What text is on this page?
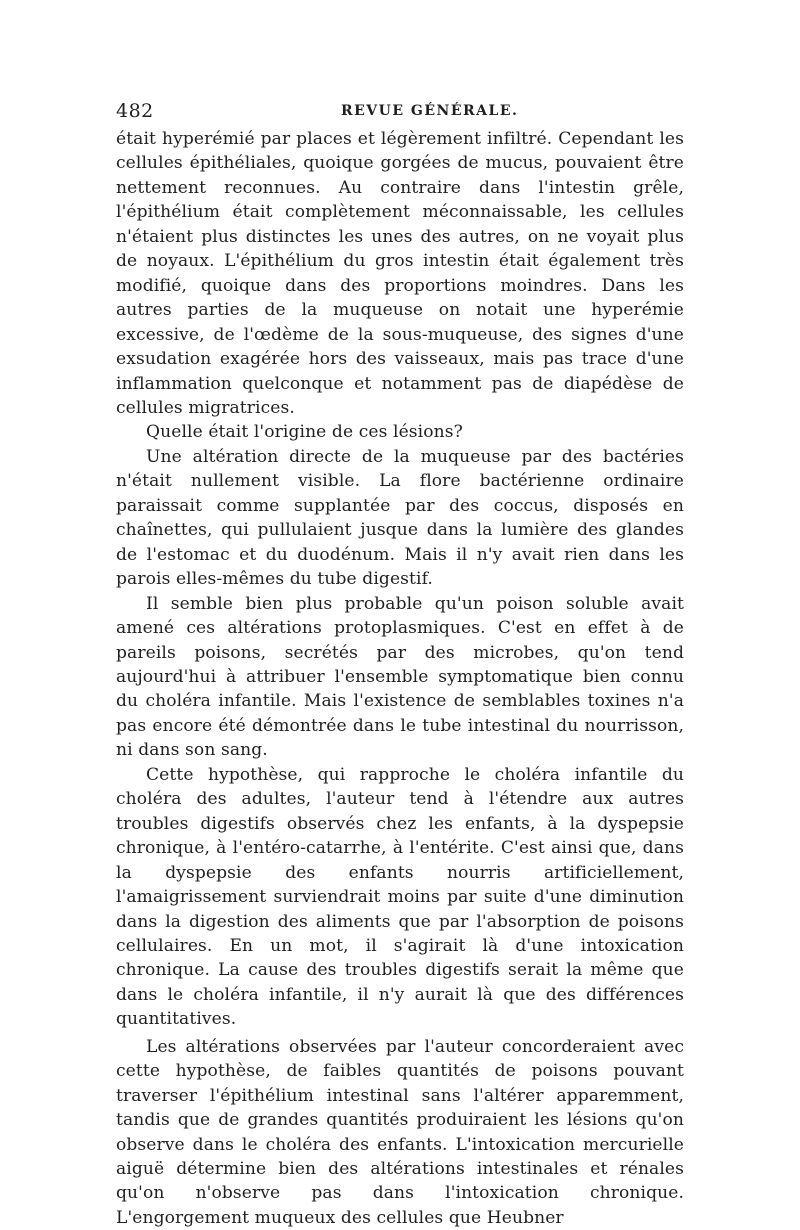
482	REVUE GÉNÉRALE.

était hyperémié par places et légèrement infiltré. Cependant les cellules épithéliales, quoique gorgées de mucus, pouvaient être nettement reconnues. Au contraire dans l'intestin grêle, l'épithélium était complètement méconnaissable, les cellules n'étaient plus distinctes les unes des autres, on ne voyait plus de noyaux. L'épithélium du gros intestin était également très modifié, quoique dans des proportions moindres. Dans les autres parties de la muqueuse on notait une hyperémie excessive, de l'œdème de la sous-muqueuse, des signes d'une exsudation exagérée hors des vaisseaux, mais pas trace d'une inflammation quelconque et notamment pas de diapédèse de cellules migratrices.

Quelle était l'origine de ces lésions?

Une altération directe de la muqueuse par des bactéries n'était nullement visible. La flore bactérienne ordinaire paraissait comme supplantée par des coccus, disposés en chaînettes, qui pullulaient jusque dans la lumière des glandes de l'estomac et du duodénum. Mais il n'y avait rien dans les parois elles-mêmes du tube digestif.

Il semble bien plus probable qu'un poison soluble avait amené ces altérations protoplasmiques. C'est en effet à de pareils poisons, secrétés par des microbes, qu'on tend aujourd'hui à attribuer l'ensemble symptomatique bien connu du choléra infantile. Mais l'existence de semblables toxines n'a pas encore été démontrée dans le tube intestinal du nourrisson, ni dans son sang.

Cette hypothèse, qui rapproche le choléra infantile du choléra des adultes, l'auteur tend à l'étendre aux autres troubles digestifs observés chez les enfants, à la dyspepsie chronique, à l'entéro-catarrhe, à l'entérite. C'est ainsi que, dans la dyspepsie des enfants nourris artificiellement, l'amaigrissement surviendrait moins par suite d'une diminution dans la digestion des aliments que par l'absorption de poisons cellulaires. En un mot, il s'agirait là d'une intoxication chronique. La cause des troubles digestifs serait la même que dans le choléra infantile, il n'y aurait là que des différences quantitatives.

Les altérations observées par l'auteur concorderaient avec cette hypothèse, de faibles quantités de poisons pouvant traverser l'épithélium intestinal sans l'altérer apparemment, tandis que de grandes quantités produiraient les lésions qu'on observe dans le choléra des enfants. L'intoxication mercurielle aiguë détermine bien des altérations intestinales et rénales qu'on n'observe pas dans l'intoxication chronique. L'engorgement muqueux des cellules que Heubner
